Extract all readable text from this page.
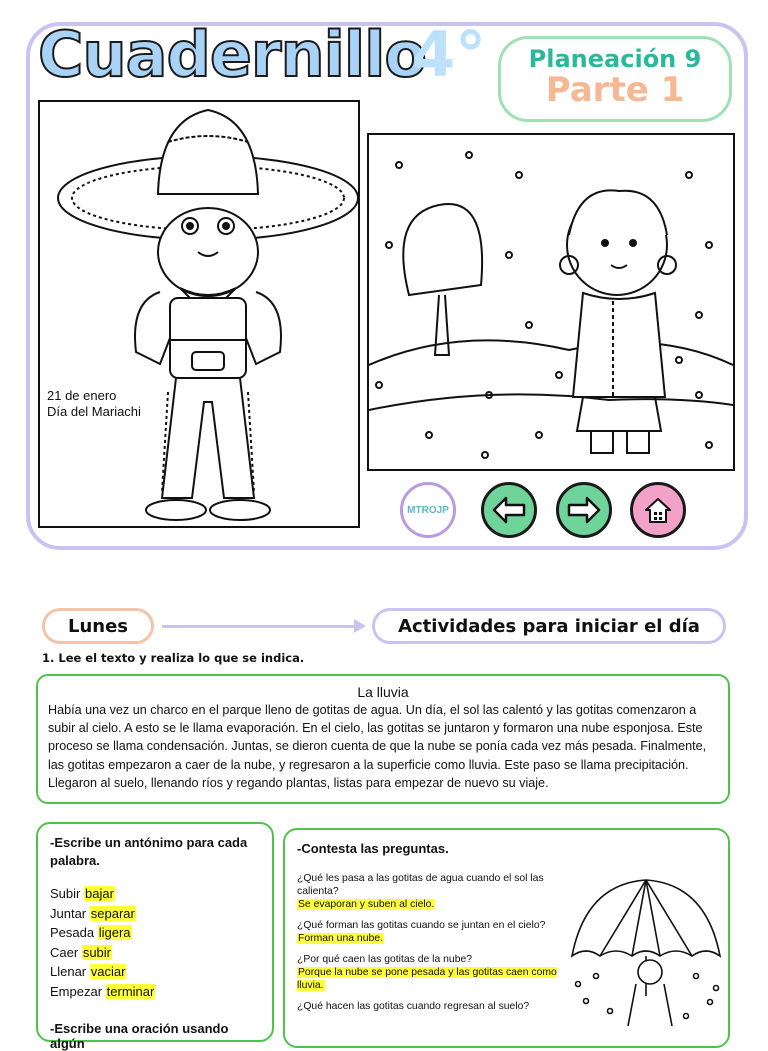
Cuadernillo
4°	Planeación 9
Parte 1
21 de enero
Día del Mariachi
MTROJP
Lunes	Actividades para iniciar el día
1. Lee el texto y realiza lo que se indica.
La lluvia
Había una vez un charco en el parque lleno de gotitas de agua. Un día, el sol las calentó y las gotitas comenzaron a subir al cielo. A esto se le llama evaporación. En el cielo, las gotitas se juntaron y formaron una nube esponjosa. Este proceso se llama condensación. Juntas, se dieron cuenta de que la nube se ponía cada vez más pesada. Finalmente, las gotitas empezaron a caer de la nube, y regresaron a la superficie como lluvia. Este paso se llama precipitación. Llegaron al suelo, llenando ríos y regando plantas, listas para empezar de nuevo su viaje.
-Escribe un antónimo para cada palabra.
Subir bajar
Juntar separar
Pesada ligera
Caer subir
Llenar vaciar
Empezar terminar
-Escribe una oración usando algún
-Contesta las preguntas.
¿Qué les pasa a las gotitas de agua cuando el sol las calienta?
Se evaporan y suben al cielo.
¿Qué forman las gotitas cuando se juntan en el cielo?
Forman una nube.
¿Por qué caen las gotitas de la nube?
Porque la nube se pone pesada y las gotitas caen como lluvia.
¿Qué hacen las gotitas cuando regresan al suelo?
